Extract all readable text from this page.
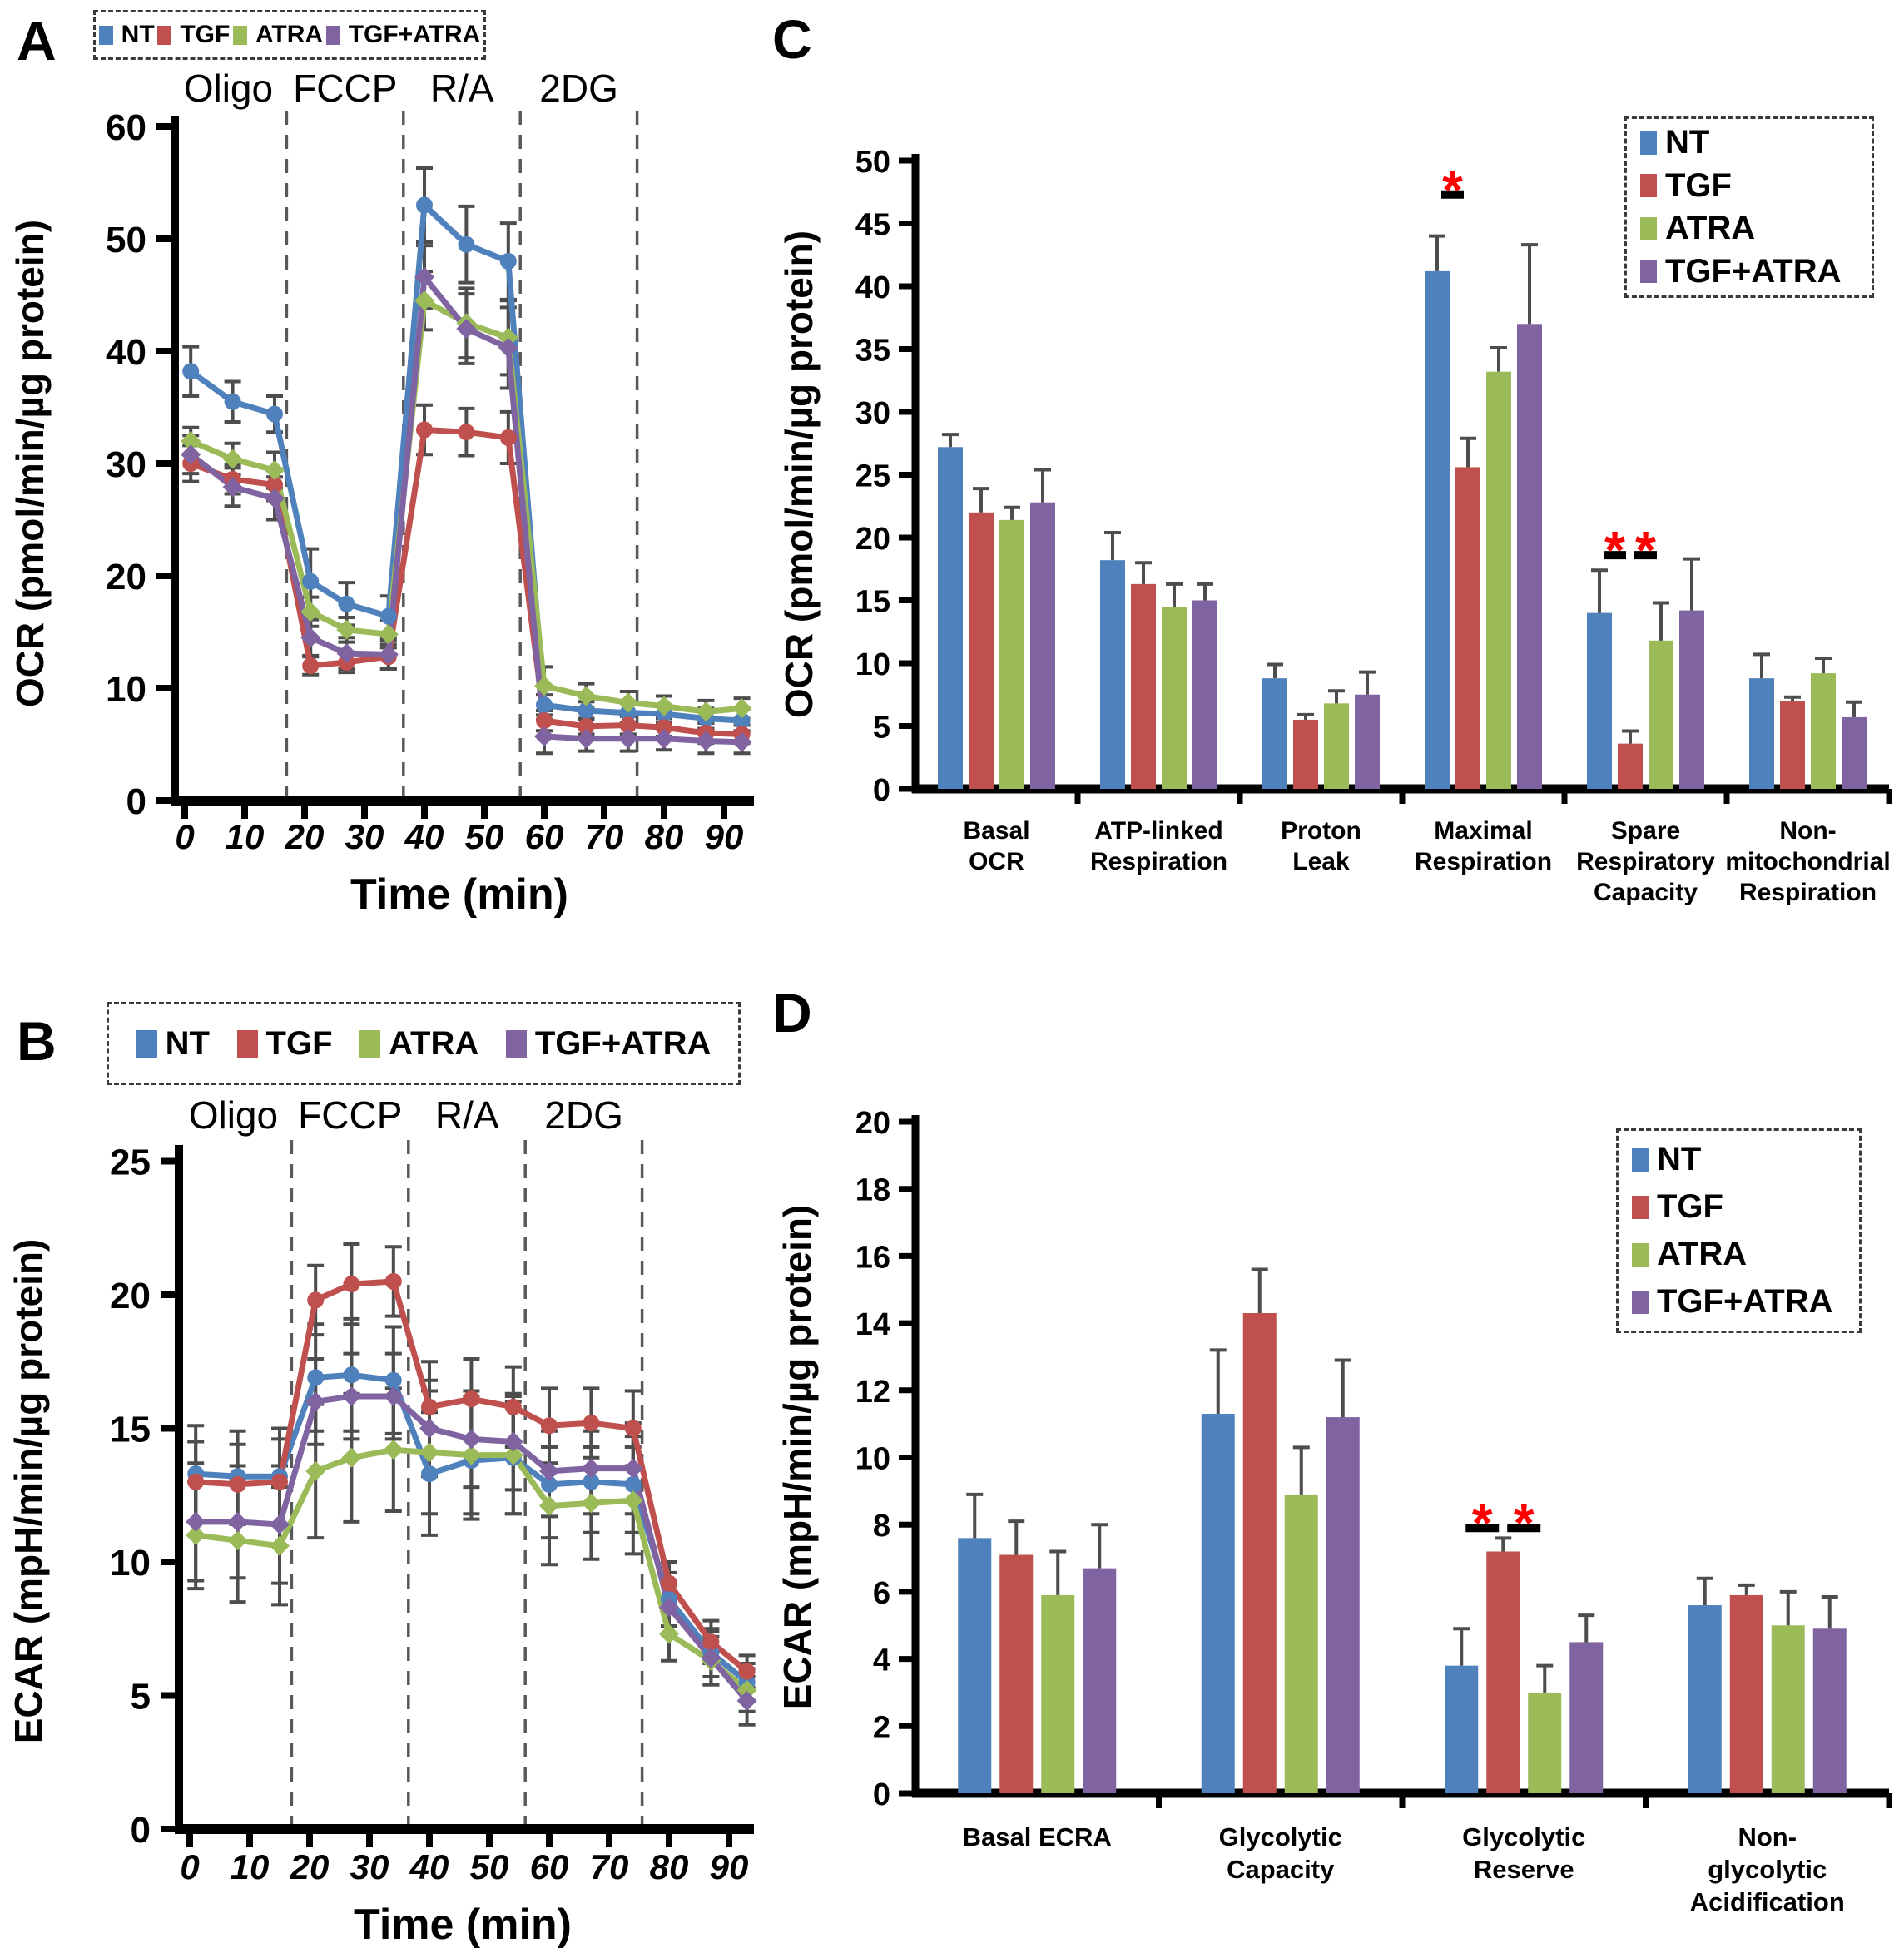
A	NT TGF ATRA TGF+ATRA
Oligo FCCP R/A 2DG
0
10
20
30
40
50
60
0 10 20 30 40 50 60 70 80 90
Time (min)
OCR (pmol/min/µg protein)
C
NT
TGF
ATRA
TGF+ATRA
0
5
10
15
20
25
30
35
40
45
50
OCR (pmol/min/µg protein)
Basal OCR
ATP-linked Respiration
Proton Leak
Maximal Respiration
Spare Respiratory Capacity
Non-mitochondrial Respiration
*
* *
B	NT TGF ATRA TGF+ATRA
Oligo FCCP R/A 2DG
0
5
10
15
20
25
0 10 20 30 40 50 60 70 80 90
Time (min)
ECAR (mpH/min/µg protein)
D
NT
TGF
ATRA
TGF+ATRA
0
2
4
6
8
10
12
14
16
18
20
ECAR (mpH/min/µg protein)
Basal ECRA	Glycolytic Capacity
Glycolytic Reserve
Non-glycolytic Acidification
* *
